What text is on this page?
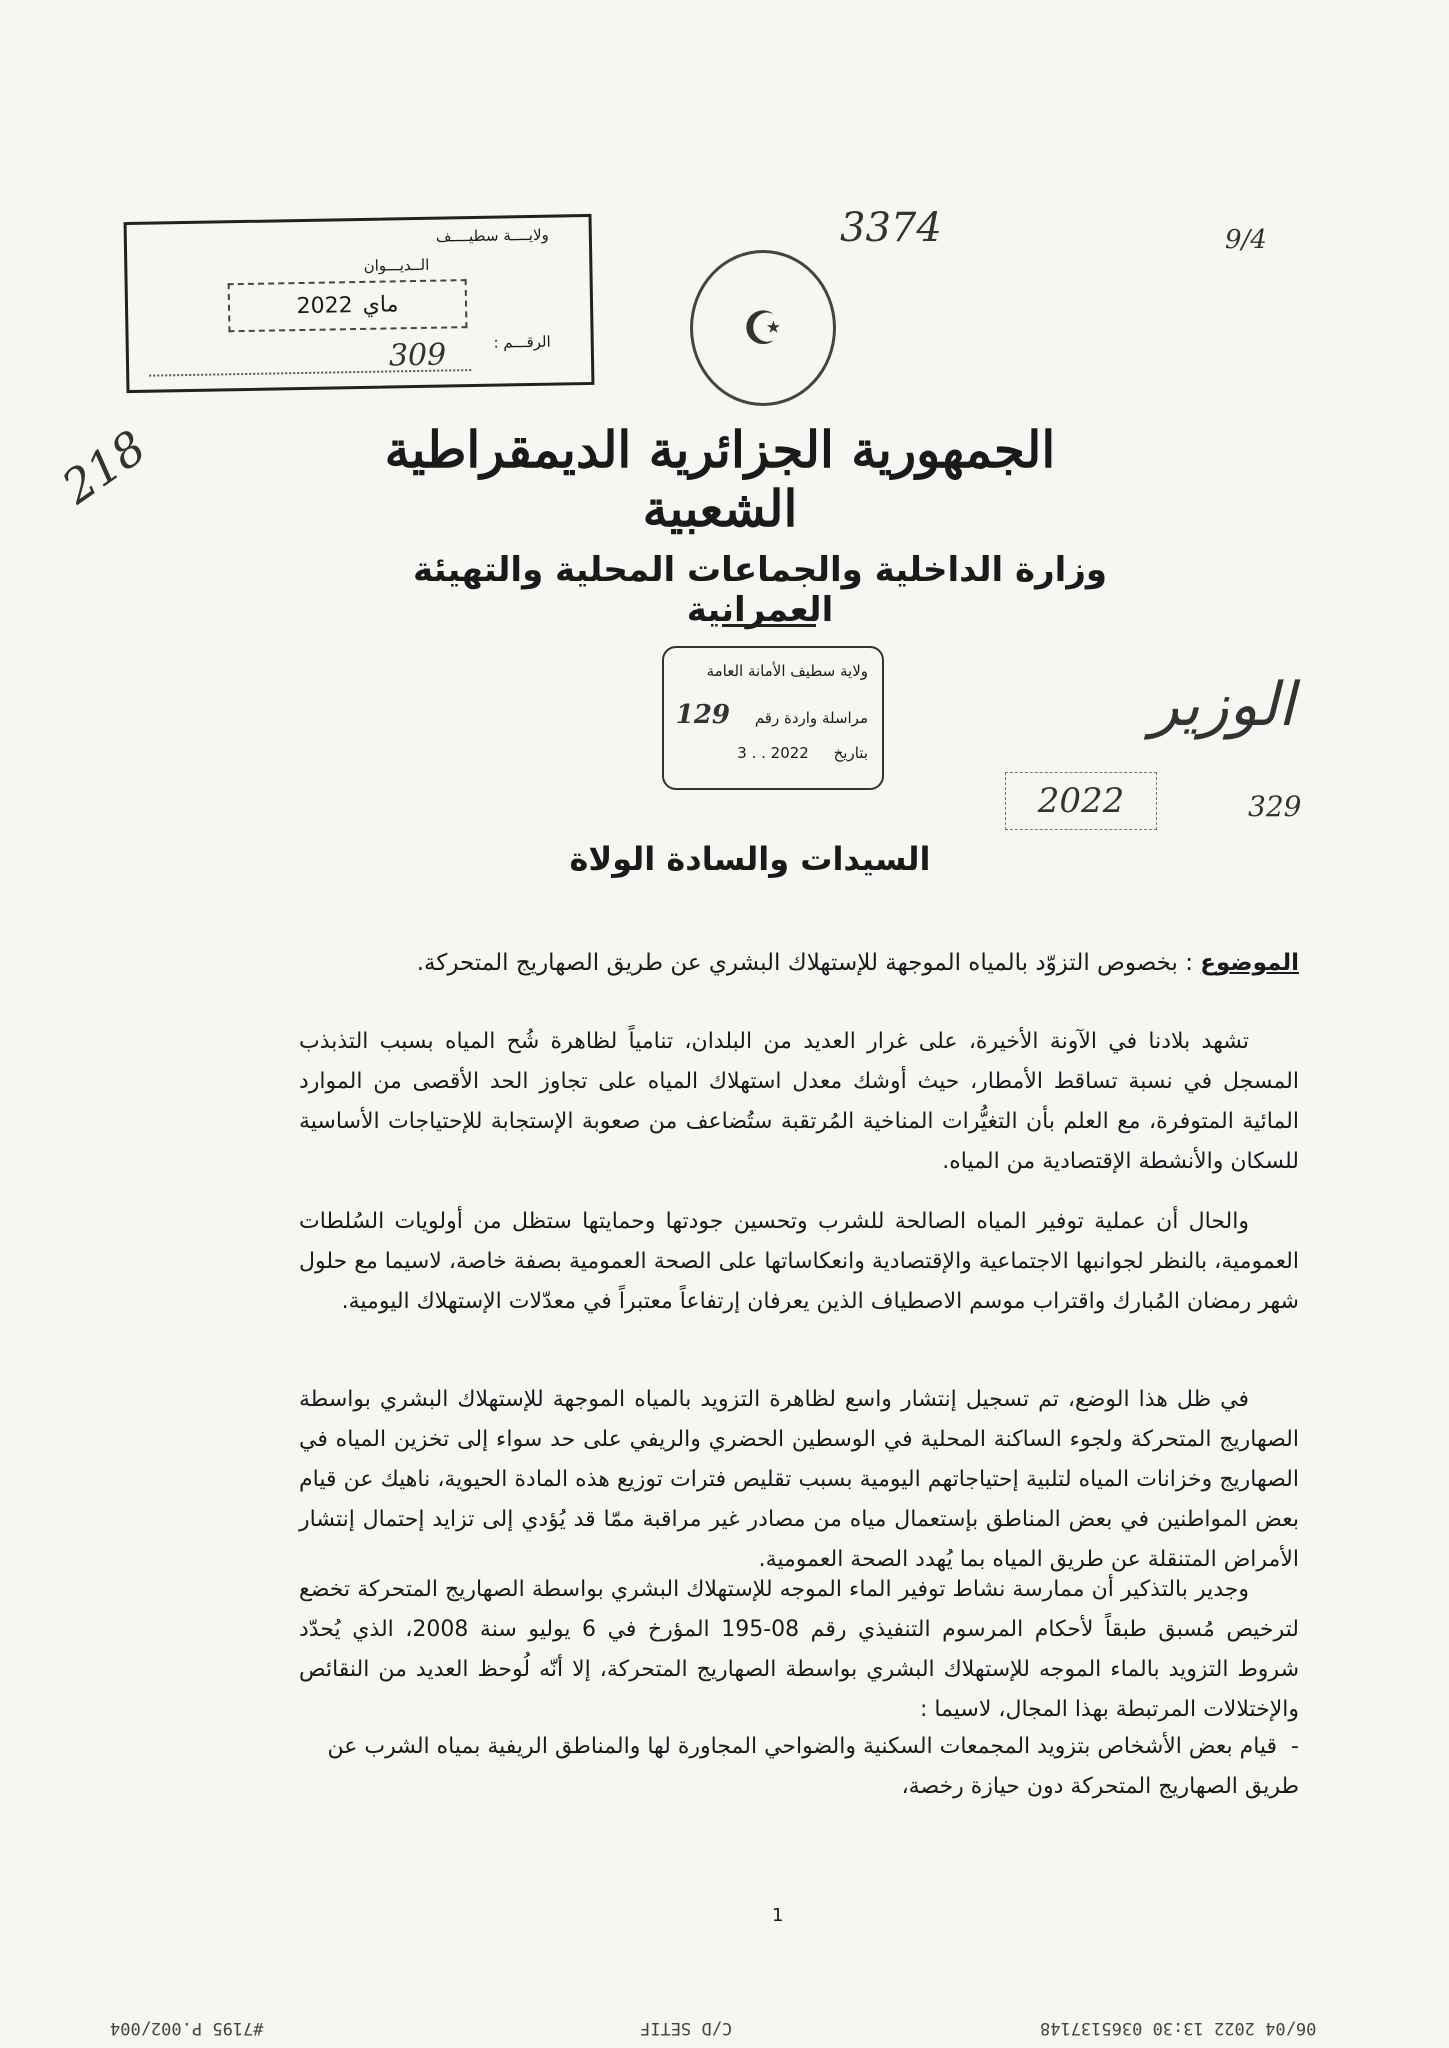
3374	9/4
218
ولايــــة سطيــــف
الــديـــوان
ماي
2022
الرقـــم :
309
☪
الجمهورية الجزائرية الديمقراطية الشعبية
وزارة الداخلية والجماعات المحلية والتهيئة العمرانية
ولاية سطيف الأمانة العامة
مراسلة واردة رقم 129
بتاريخ 2022 . . 3
الوزير
2022	329
السيدات والسادة الولاة
الموضوع : بخصوص التزوّد بالمياه الموجهة للإستهلاك البشري عن طريق الصهاريج المتحركة.

تشهد بلادنا في الآونة الأخيرة، على غرار العديد من البلدان، تنامياً لظاهرة شُح المياه بسبب التذبذب المسجل في نسبة تساقط الأمطار، حيث أوشك معدل استهلاك المياه على تجاوز الحد الأقصى من الموارد المائية المتوفرة، مع العلم بأن التغيُّرات المناخية المُرتقبة ستُضاعف من صعوبة الإستجابة للإحتياجات الأساسية للسكان والأنشطة الإقتصادية من المياه.

والحال أن عملية توفير المياه الصالحة للشرب وتحسين جودتها وحمايتها ستظل من أولويات السُلطات العمومية، بالنظر لجوانبها الاجتماعية والإقتصادية وانعكاساتها على الصحة العمومية بصفة خاصة، لاسيما مع حلول شهر رمضان المُبارك واقتراب موسم الاصطياف الذين يعرفان إرتفاعاً معتبراً في معدّلات الإستهلاك اليومية.

في ظل هذا الوضع، تم تسجيل إنتشار واسع لظاهرة التزويد بالمياه الموجهة للإستهلاك البشري بواسطة الصهاريج المتحركة ولجوء الساكنة المحلية في الوسطين الحضري والريفي على حد سواء إلى تخزين المياه في الصهاريج وخزانات المياه لتلبية إحتياجاتهم اليومية بسبب تقليص فترات توزيع هذه المادة الحيوية، ناهيك عن قيام بعض المواطنين في بعض المناطق بإستعمال مياه من مصادر غير مراقبة ممّا قد يُؤدي إلى تزايد إحتمال إنتشار الأمراض المتنقلة عن طريق المياه بما يُهدد الصحة العمومية.

وجدير بالتذكير أن ممارسة نشاط توفير الماء الموجه للإستهلاك البشري بواسطة الصهاريج المتحركة تخضع لترخيص مُسبق طبقاً لأحكام المرسوم التنفيذي رقم 08-195 المؤرخ في 6 يوليو سنة 2008، الذي يُحدّد شروط التزويد بالماء الموجه للإستهلاك البشري بواسطة الصهاريج المتحركة، إلا أنّه لُوحظ العديد من النقائص والإختلالات المرتبطة بهذا المجال، لاسيما :

-  قيام بعض الأشخاص بتزويد المجمعات السكنية والضواحي المجاورة لها والمناطق الريفية بمياه الشرب عن طريق الصهاريج المتحركة دون حيازة رخصة،
1
06/04 2022 13:30 0365137148
C/D SETIF
#7195 P.002/004
